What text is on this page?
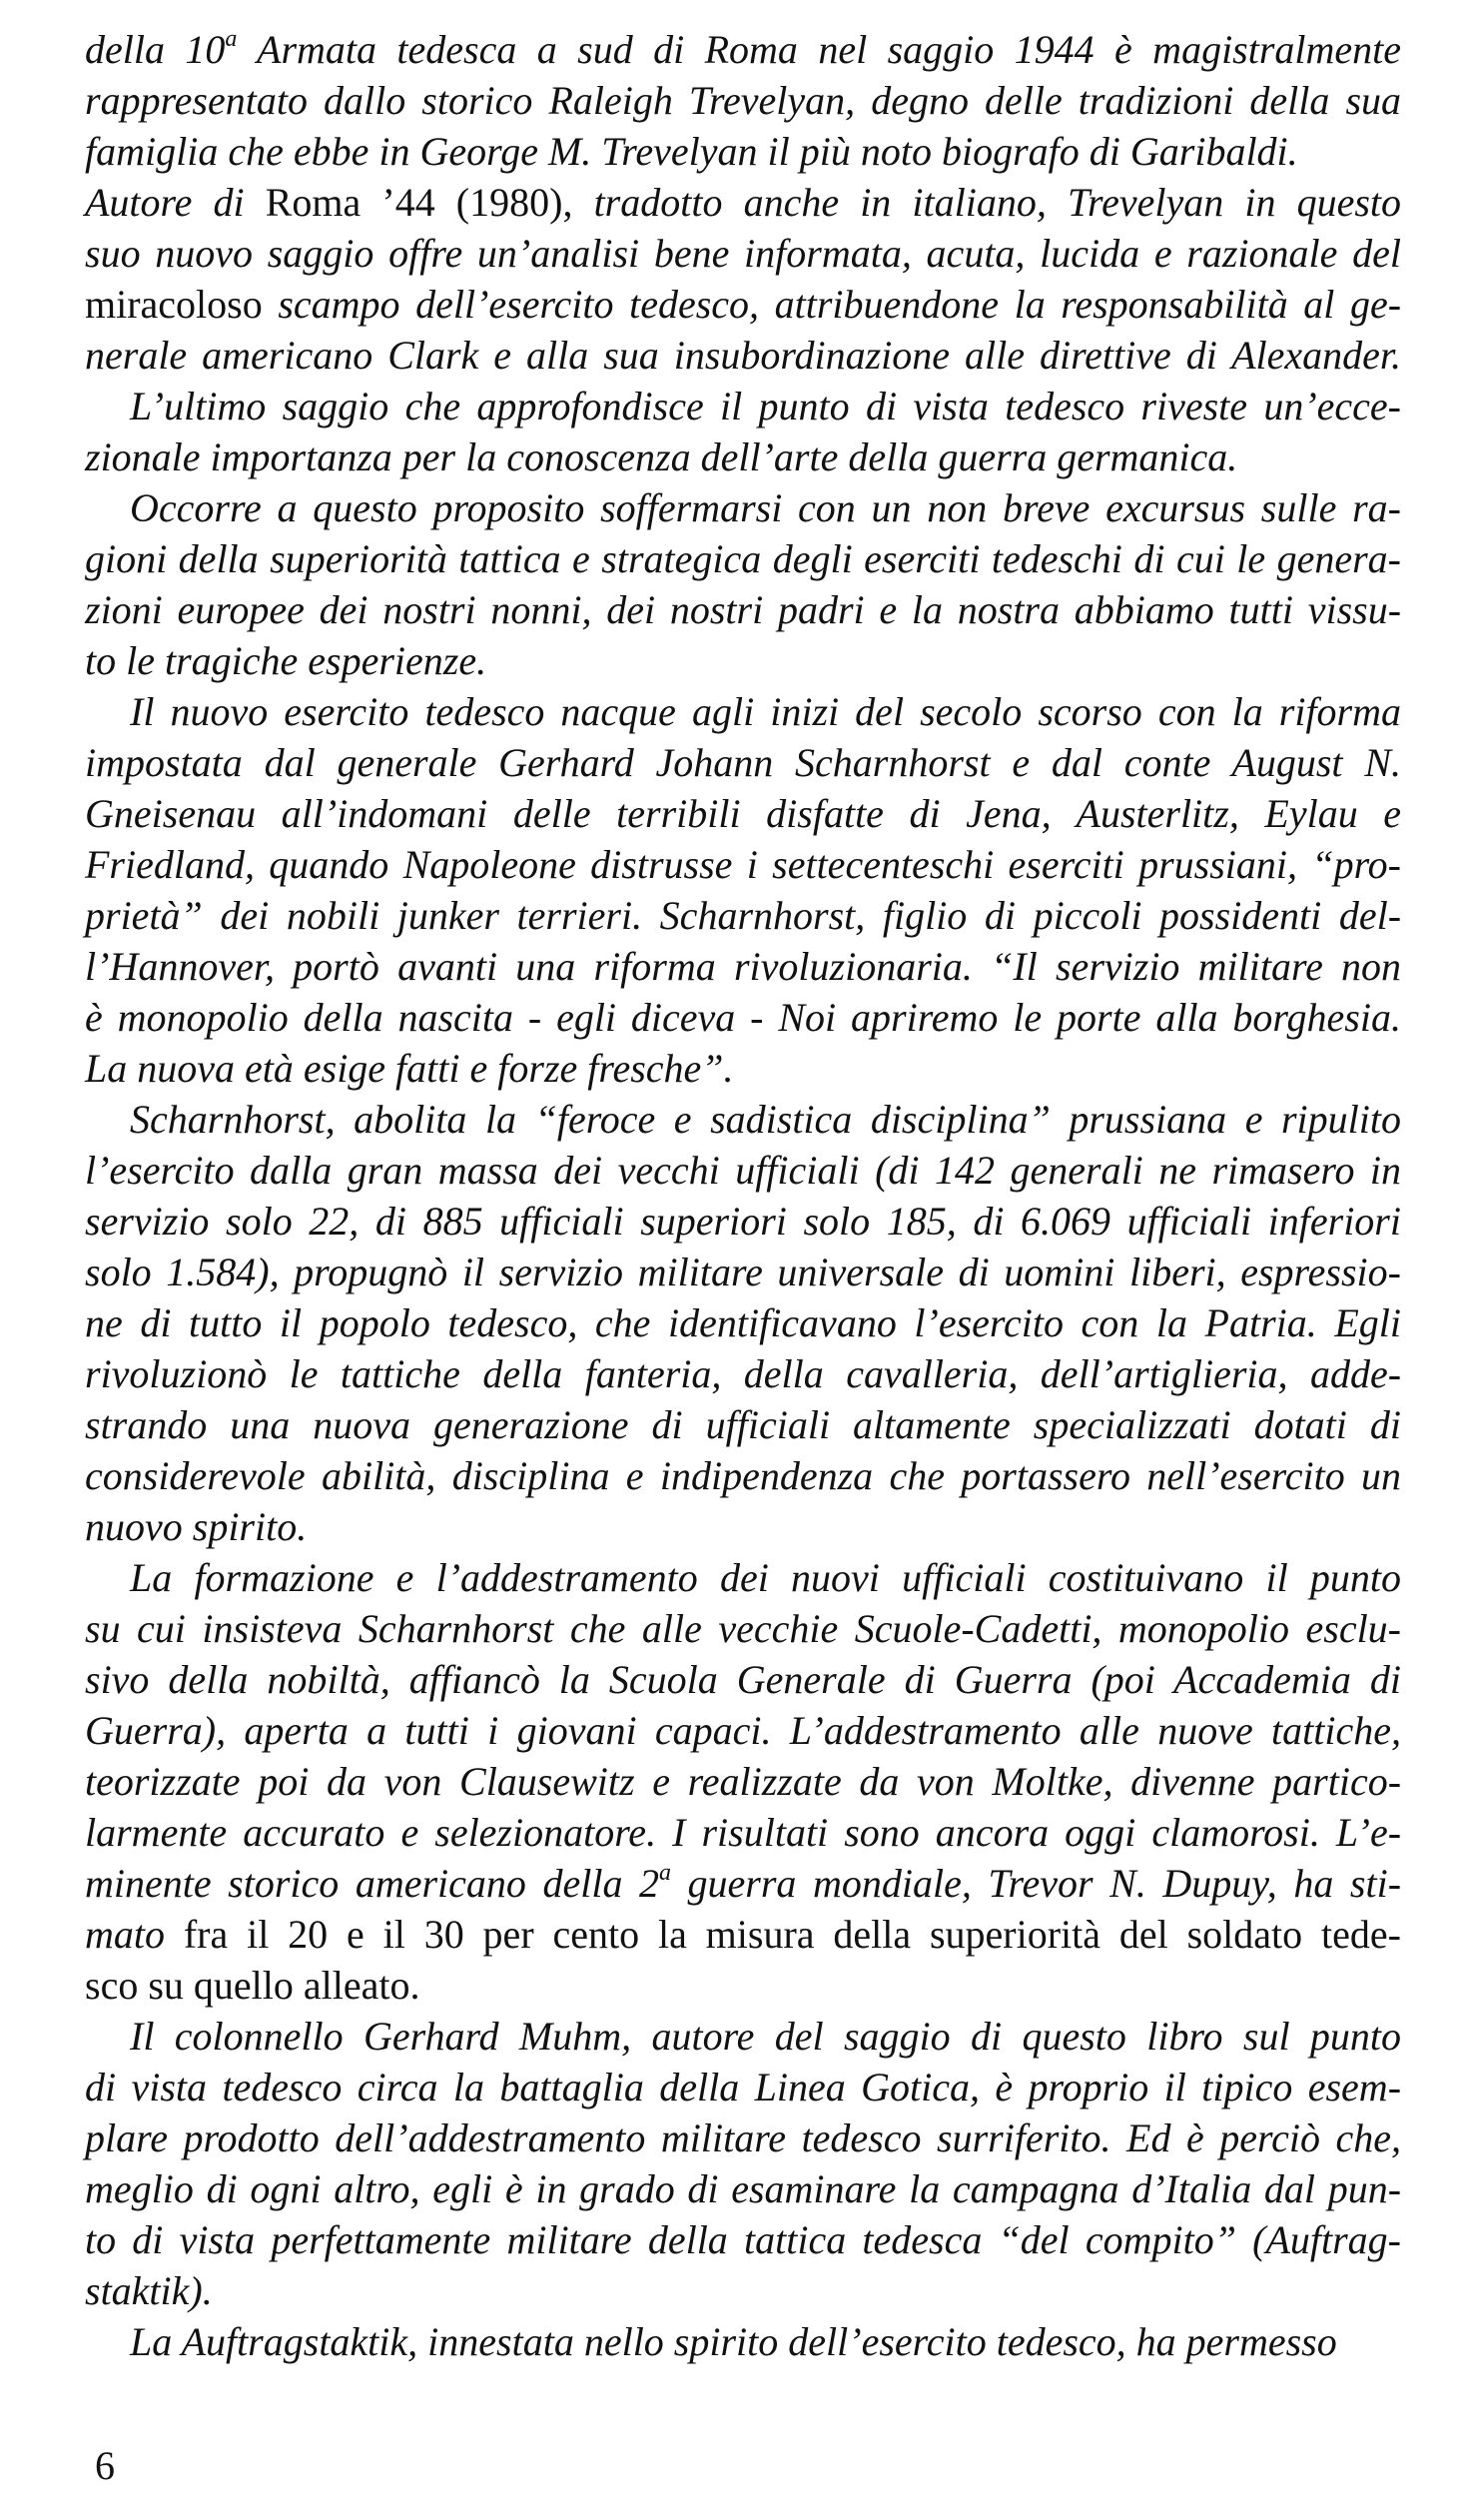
della 10$^a$ Armata tedesca a sud di Roma nel saggio 1944 è magistralmente
rappresentato dallo storico Raleigh Trevelyan, degno delle tradizioni della sua
famiglia che ebbe in George M. Trevelyan il più noto biografo di Garibaldi.
Autore di Roma ’44 (1980), tradotto anche in italiano, Trevelyan in questo
suo nuovo saggio offre un’analisi bene informata, acuta, lucida e razionale del
miracoloso scampo dell’esercito tedesco, attribuendone la responsabilità al ge-
nerale americano Clark e alla sua insubordinazione alle direttive di Alexander.
L’ultimo saggio che approfondisce il punto di vista tedesco riveste un’ecce-
zionale importanza per la conoscenza dell’arte della guerra germanica.
Occorre a questo proposito soffermarsi con un non breve excursus sulle ra-
gioni della superiorità tattica e strategica degli eserciti tedeschi di cui le genera-
zioni europee dei nostri nonni, dei nostri padri e la nostra abbiamo tutti vissu-
to le tragiche esperienze.
Il nuovo esercito tedesco nacque agli inizi del secolo scorso con la riforma
impostata dal generale Gerhard Johann Scharnhorst e dal conte August N.
Gneisenau all’indomani delle terribili disfatte di Jena, Austerlitz, Eylau e
Friedland, quando Napoleone distrusse i settecenteschi eserciti prussiani, “pro-
prietà” dei nobili junker terrieri. Scharnhorst, figlio di piccoli possidenti del-
l’Hannover, portò avanti una riforma rivoluzionaria. “Il servizio militare non
è monopolio della nascita - egli diceva - Noi apriremo le porte alla borghesia.
La nuova età esige fatti e forze fresche”.
Scharnhorst, abolita la “feroce e sadistica disciplina” prussiana e ripulito
l’esercito dalla gran massa dei vecchi ufficiali (di 142 generali ne rimasero in
servizio solo 22, di 885 ufficiali superiori solo 185, di 6.069 ufficiali inferiori
solo 1.584), propugnò il servizio militare universale di uomini liberi, espressio-
ne di tutto il popolo tedesco, che identificavano l’esercito con la Patria. Egli
rivoluzionò le tattiche della fanteria, della cavalleria, dell’artiglieria, adde-
strando una nuova generazione di ufficiali altamente specializzati dotati di
considerevole abilità, disciplina e indipendenza che portassero nell’esercito un
nuovo spirito.
La formazione e l’addestramento dei nuovi ufficiali costituivano il punto
su cui insisteva Scharnhorst che alle vecchie Scuole-Cadetti, monopolio esclu-
sivo della nobiltà, affiancò la Scuola Generale di Guerra (poi Accademia di
Guerra), aperta a tutti i giovani capaci. L’addestramento alle nuove tattiche,
teorizzate poi da von Clausewitz e realizzate da von Moltke, divenne partico-
larmente accurato e selezionatore. I risultati sono ancora oggi clamorosi. L’e-
minente storico americano della 2$^a$ guerra mondiale, Trevor N. Dupuy, ha sti-
mato fra il 20 e il 30 per cento la misura della superiorità del soldato tede-
sco su quello alleato.
Il colonnello Gerhard Muhm, autore del saggio di questo libro sul punto
di vista tedesco circa la battaglia della Linea Gotica, è proprio il tipico esem-
plare prodotto dell’addestramento militare tedesco surriferito. Ed è perciò che,
meglio di ogni altro, egli è in grado di esaminare la campagna d’Italia dal pun-
to di vista perfettamente militare della tattica tedesca “del compito” (Auftrag-
staktik).
La Auftragstaktik, innestata nello spirito dell’esercito tedesco, ha permesso
6
